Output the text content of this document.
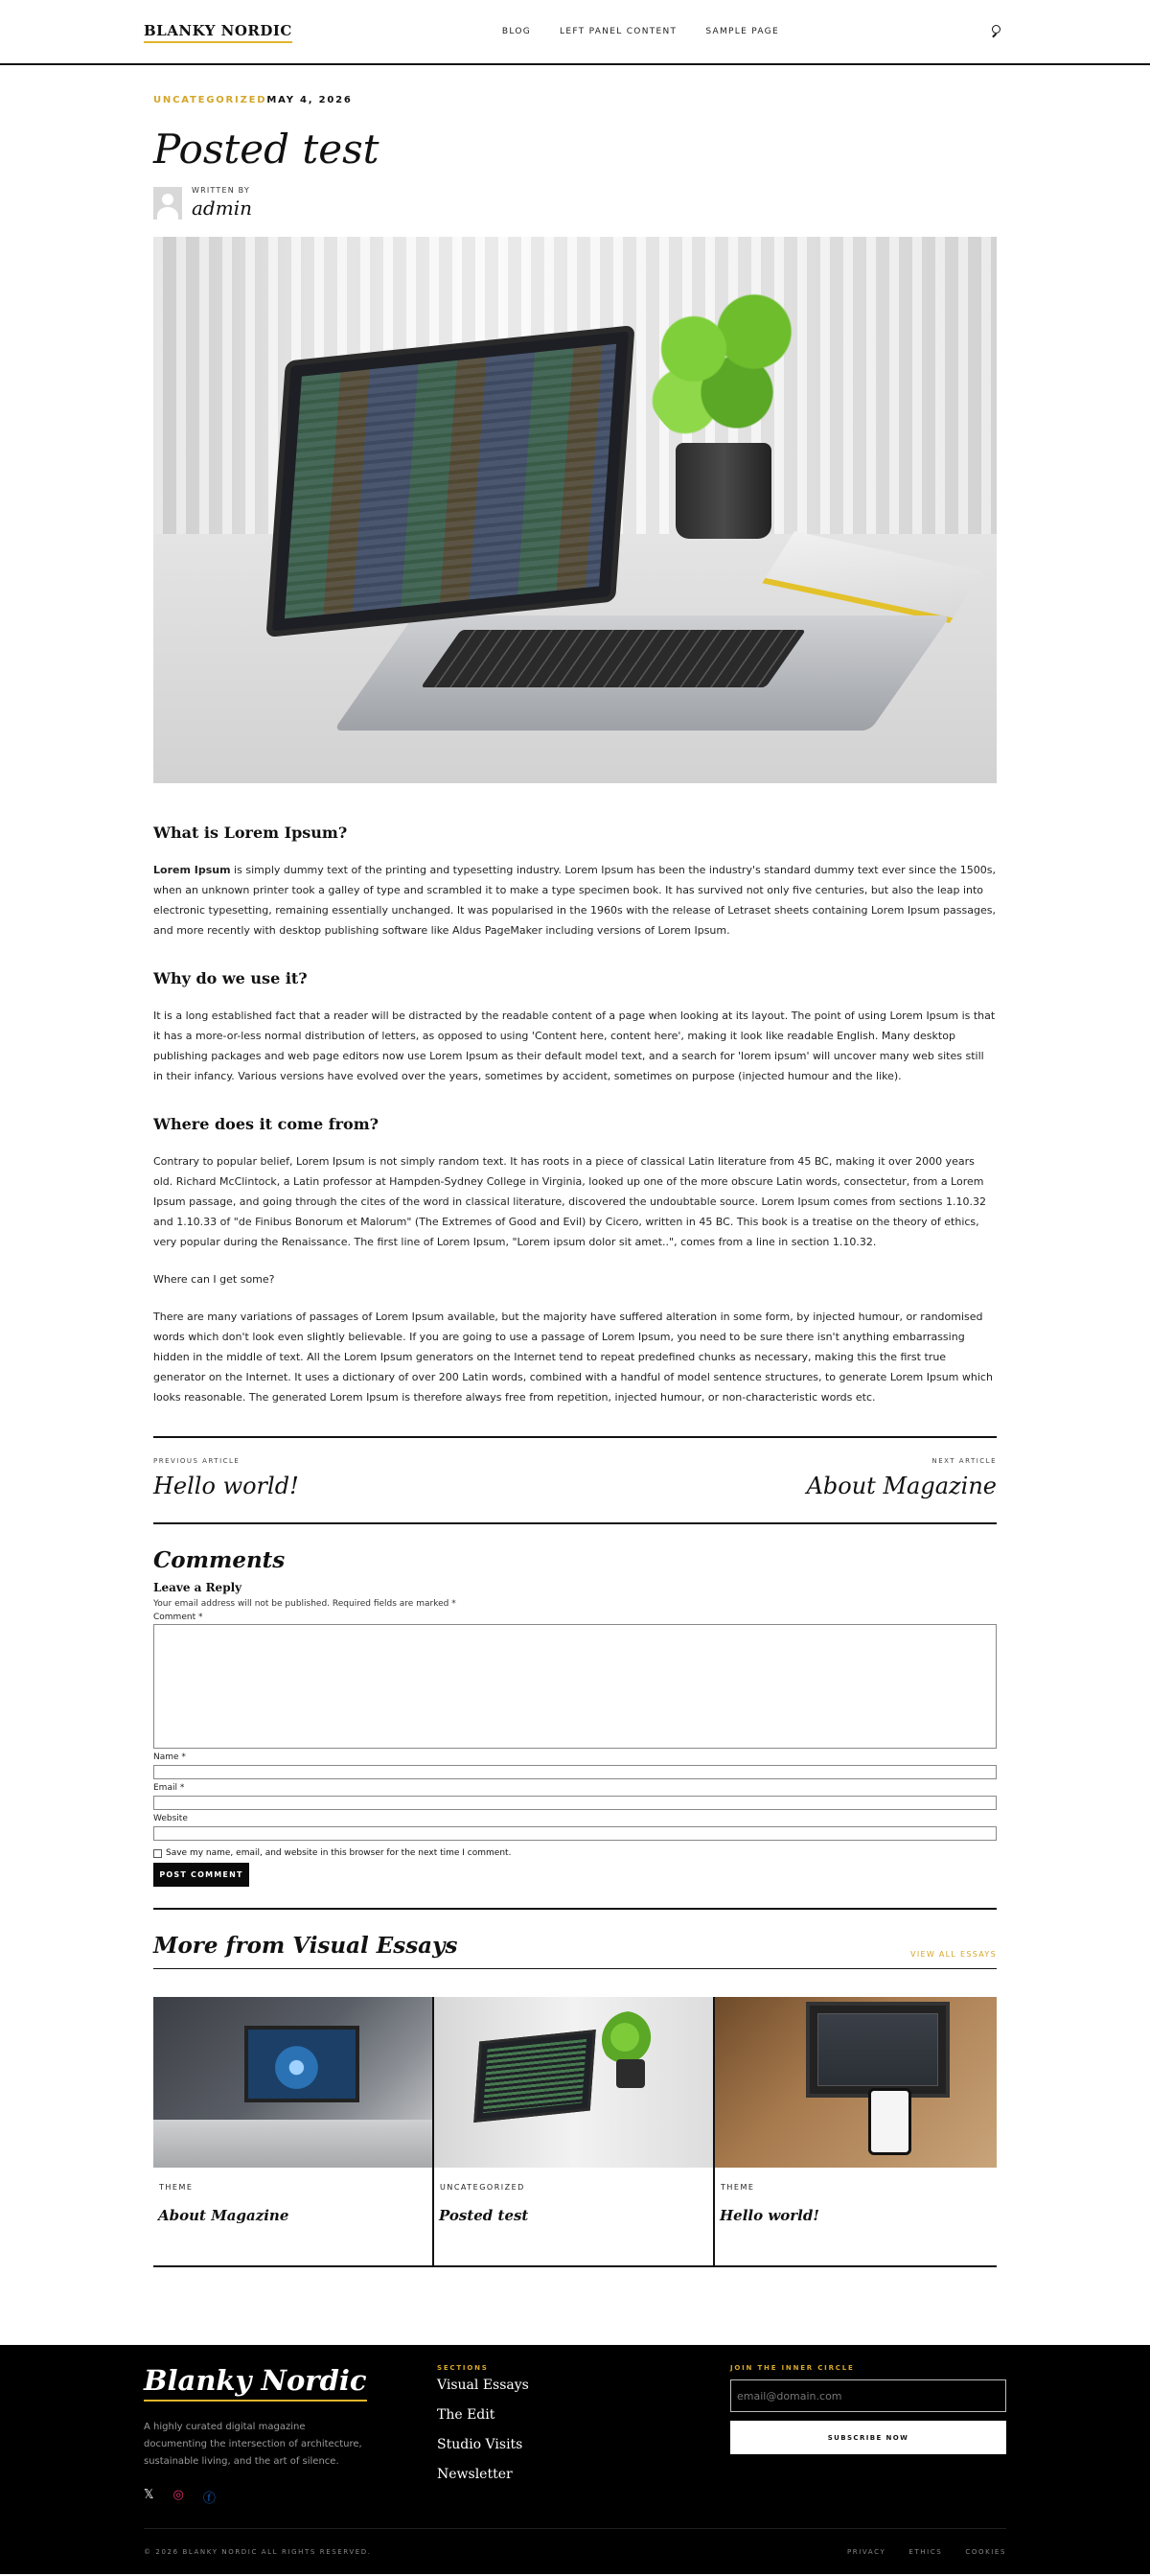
BLANKY NORDIC	BLOG	LEFT PANEL CONTENT	SAMPLE PAGE
UNCATEGORIZEDMAY 4, 2026
Posted test
WRITTEN BY
admin
What is Lorem Ipsum?

Lorem Ipsum is simply dummy text of the printing and typesetting industry. Lorem Ipsum has been the industry's standard dummy text ever since the 1500s, when an unknown printer took a galley of type and scrambled it to make a type specimen book. It has survived not only five centuries, but also the leap into electronic typesetting, remaining essentially unchanged. It was popularised in the 1960s with the release of Letraset sheets containing Lorem Ipsum passages, and more recently with desktop publishing software like Aldus PageMaker including versions of Lorem Ipsum.

Why do we use it?

It is a long established fact that a reader will be distracted by the readable content of a page when looking at its layout. The point of using Lorem Ipsum is that it has a more-or-less normal distribution of letters, as opposed to using 'Content here, content here', making it look like readable English. Many desktop publishing packages and web page editors now use Lorem Ipsum as their default model text, and a search for 'lorem ipsum' will uncover many web sites still in their infancy. Various versions have evolved over the years, sometimes by accident, sometimes on purpose (injected humour and the like).

Where does it come from?

Contrary to popular belief, Lorem Ipsum is not simply random text. It has roots in a piece of classical Latin literature from 45 BC, making it over 2000 years old. Richard McClintock, a Latin professor at Hampden-Sydney College in Virginia, looked up one of the more obscure Latin words, consectetur, from a Lorem Ipsum passage, and going through the cites of the word in classical literature, discovered the undoubtable source. Lorem Ipsum comes from sections 1.10.32 and 1.10.33 of "de Finibus Bonorum et Malorum" (The Extremes of Good and Evil) by Cicero, written in 45 BC. This book is a treatise on the theory of ethics, very popular during the Renaissance. The first line of Lorem Ipsum, "Lorem ipsum dolor sit amet..", comes from a line in section 1.10.32.

Where can I get some?

There are many variations of passages of Lorem Ipsum available, but the majority have suffered alteration in some form, by injected humour, or randomised words which don't look even slightly believable. If you are going to use a passage of Lorem Ipsum, you need to be sure there isn't anything embarrassing hidden in the middle of text. All the Lorem Ipsum generators on the Internet tend to repeat predefined chunks as necessary, making this the first true generator on the Internet. It uses a dictionary of over 200 Latin words, combined with a handful of model sentence structures, to generate Lorem Ipsum which looks reasonable. The generated Lorem Ipsum is therefore always free from repetition, injected humour, or non-characteristic words etc.

PREVIOUS ARTICLE
Hello world!
NEXT ARTICLE
About Magazine
Comments
Leave a Reply
Your email address will not be published. Required fields are marked *
Comment *
Name *
Email *
Website
Save my name, email, and website in this browser for the next time I comment.
POST COMMENT
More from Visual Essays	VIEW ALL ESSAYS
THEME
About Magazine
UNCATEGORIZED
Posted test
THEME
Hello world!
Blanky Nordic

A highly curated digital magazine documenting the intersection of architecture, sustainable living, and the art of silence.

𝕏 ◎ ⓕ
SECTIONS
Visual Essays
The Edit
Studio Visits
Newsletter
JOIN THE INNER CIRCLE
email@domain.com
SUBSCRIBE NOW
© 2026 BLANKY NORDIC ALL RIGHTS RESERVED.	PRIVACY	ETHICS	COOKIES
